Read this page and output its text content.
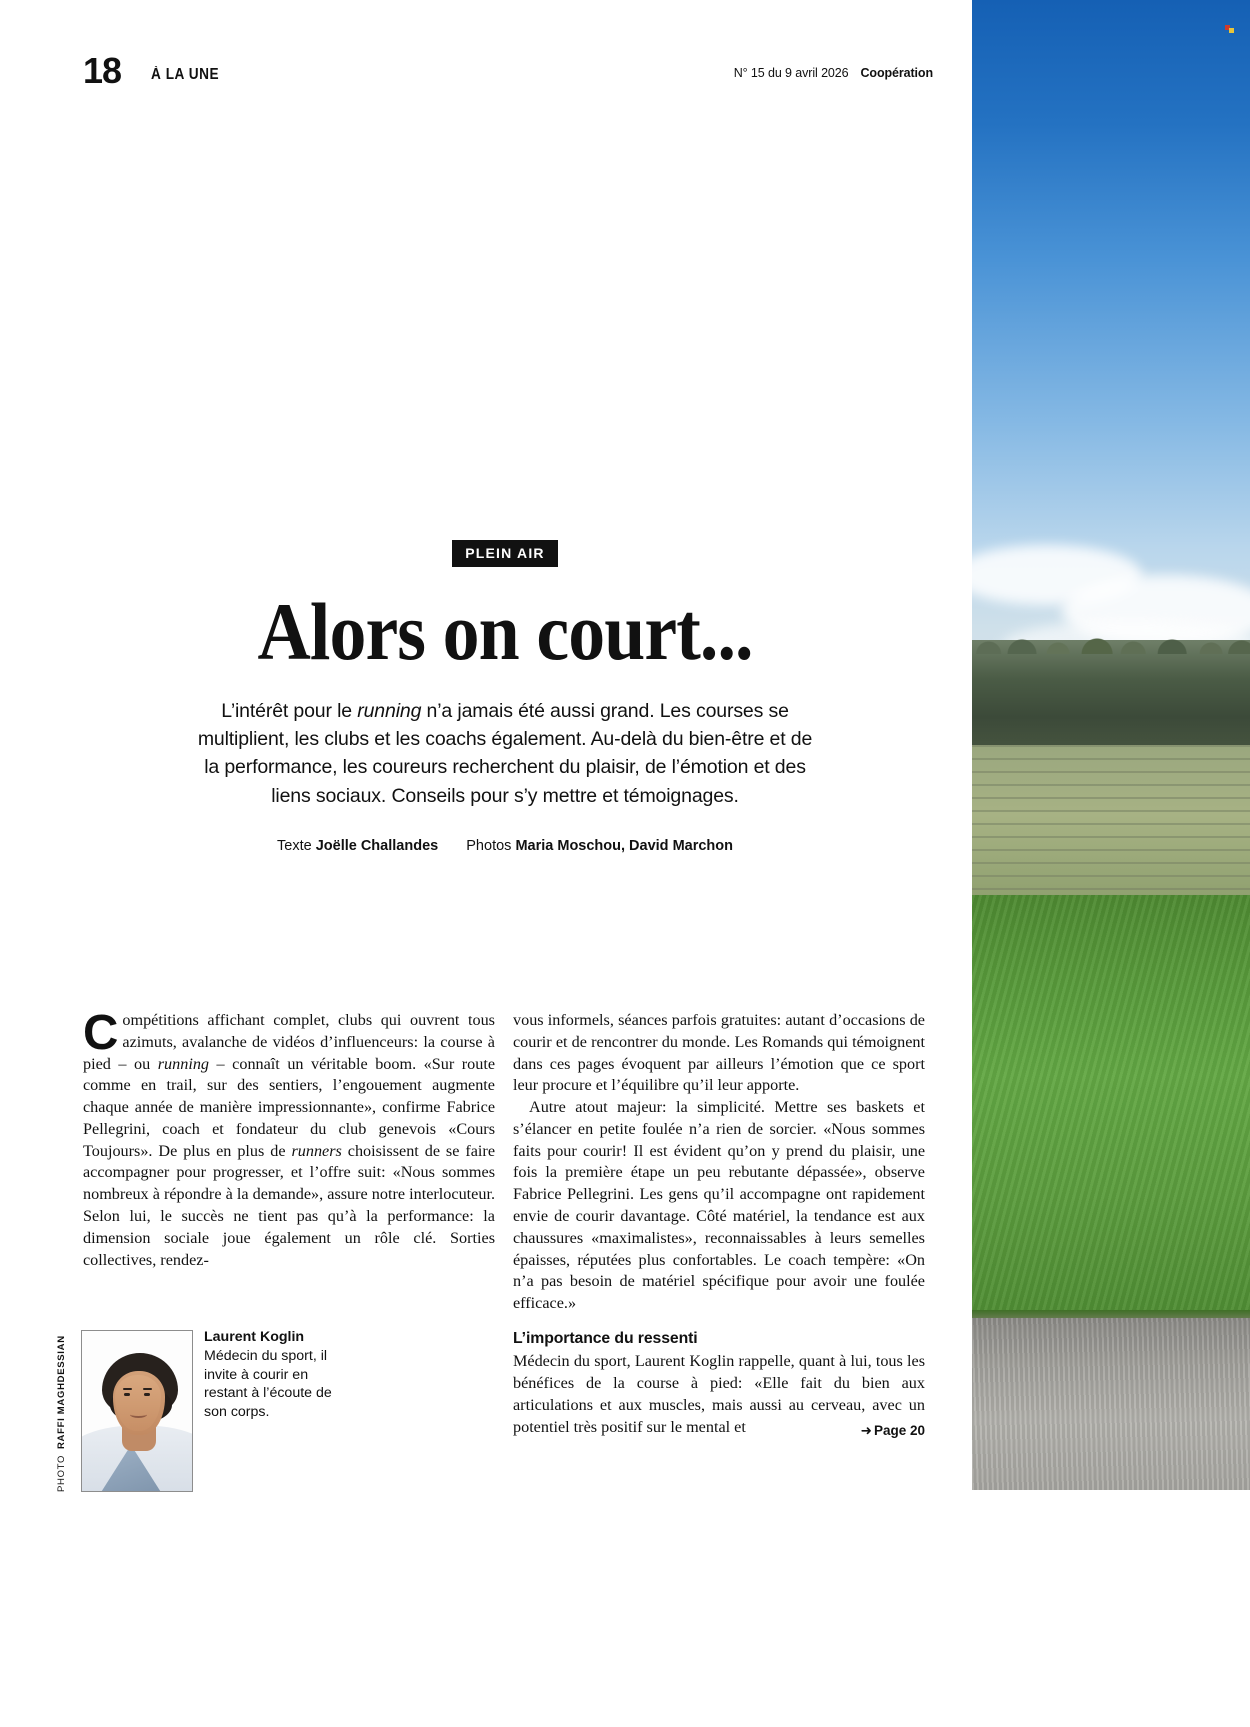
18 À LA UNE	N° 15 du 9 avril 2026 Coopération
PLEIN AIR
Alors on court...
L’intérêt pour le running n’a jamais été aussi grand. Les courses se multiplient, les clubs et les coachs également. Au-delà du bien-être et de la performance, les coureurs recherchent du plaisir, de l’émotion et des liens sociaux. Conseils pour s’y mettre et témoignages.
Texte Joëlle Challandes Photos Maria Moschou, David Marchon

Compétitions affichant complet, clubs qui ouvrent tous azimuts, avalanche de vidéos d’influenceurs: la course à pied – ou running – connaît un véritable boom. «Sur route comme en trail, sur des sentiers, l’engouement augmente chaque année de manière impressionnante», confirme Fabrice Pellegrini, coach et fondateur du club genevois «Cours Toujours». De plus en plus de runners choisissent de se faire accompagner pour progresser, et l’offre suit: «Nous sommes nombreux à répondre à la demande», assure notre interlocuteur. Selon lui, le succès ne tient pas qu’à la performance: la dimension sociale joue également un rôle clé. Sorties collectives, rendez-

vous informels, séances parfois gratuites: autant d’occasions de courir et de rencontrer du monde. Les Romands qui témoignent dans ces pages évoquent par ailleurs l’émotion que ce sport leur procure et l’équilibre qu’il leur apporte.

Autre atout majeur: la simplicité. Mettre ses baskets et s’élancer en petite foulée n’a rien de sorcier. «Nous sommes faits pour courir! Il est évident qu’on y prend du plaisir, une fois la première étape un peu rebutante dépassée», observe Fabrice Pellegrini. Les gens qu’il accompagne ont rapidement envie de courir davantage. Côté matériel, la tendance est aux chaussures «maximalistes», reconnaissables à leurs semelles épaisses, réputées plus confortables. Le coach tempère: «On n’a pas besoin de matériel spécifique pour avoir une foulée efficace.»

L’importance du ressenti

Médecin du sport, Laurent Koglin rappelle, quant à lui, tous les bénéfices de la course à pied: «Elle fait du bien aux articulations et aux muscles, mais aussi au cerveau, avec un potentiel très positif sur le mental et	➜ Page 20
PHOTO
RAFFI MAGHDESSIAN	Laurent Koglin
Médecin du sport, il invite à courir en restant à l’écoute de son corps.
